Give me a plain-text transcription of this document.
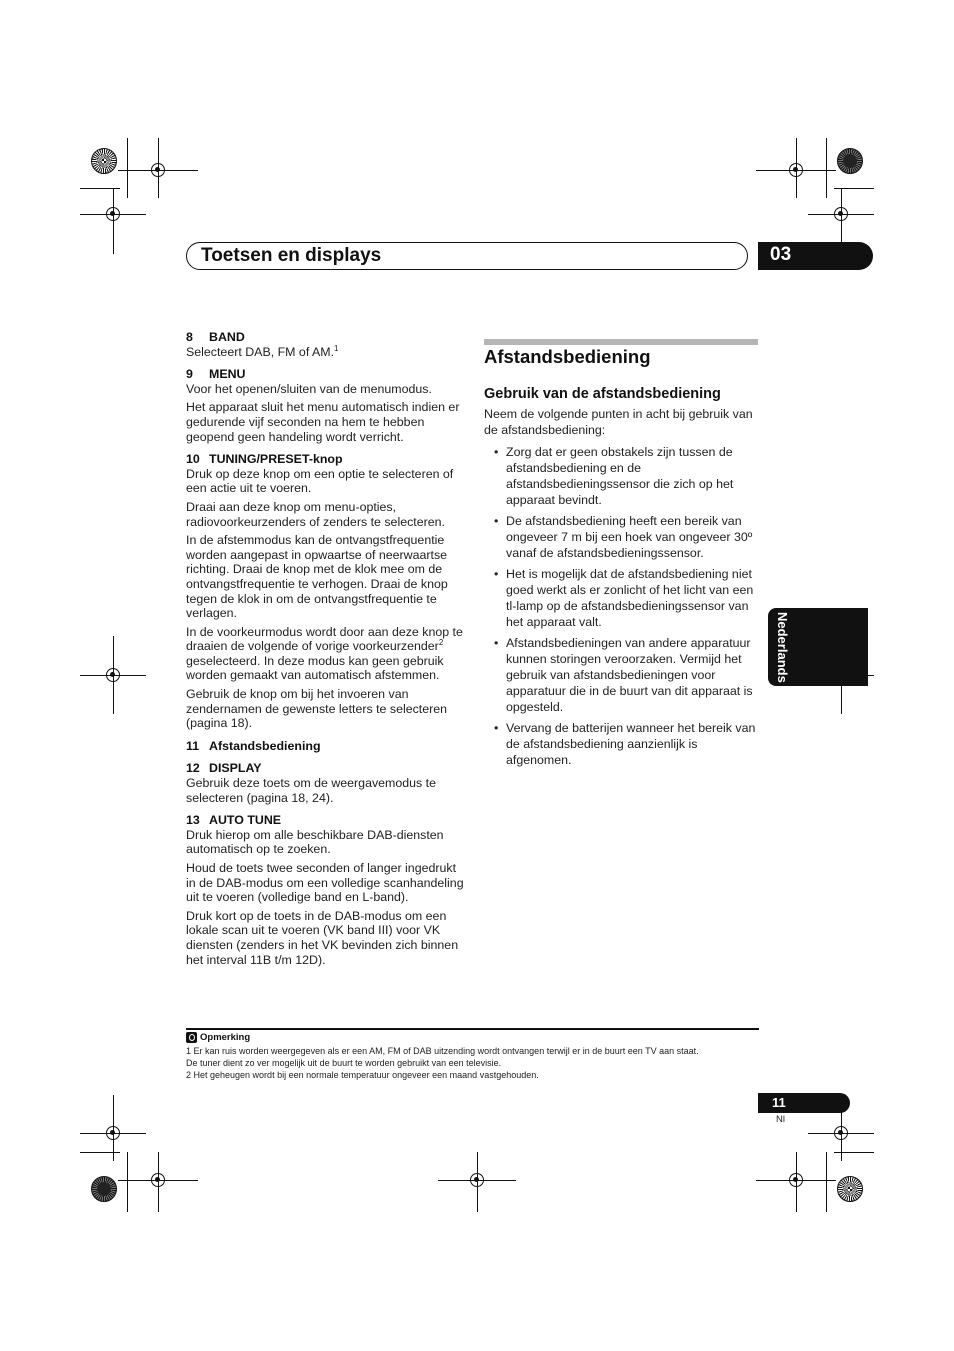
Toetsen en displays	03
8 BAND

Selecteert DAB, FM of AM.$^1$

9 MENU

Voor het openen/sluiten van de menumodus.

Het apparaat sluit het menu automatisch indien er gedurende vijf seconden na hem te hebben geopend geen handeling wordt verricht.

10 TUNING/PRESET-knop

Druk op deze knop om een optie te selecteren of een actie uit te voeren.

Draai aan deze knop om menu-opties, radiovoorkeurzenders of zenders te selecteren.

In de afstemmodus kan de ontvangstfrequentie worden aangepast in opwaartse of neerwaartse richting. Draai de knop met de klok mee om de ontvangstfrequentie te verhogen. Draai de knop tegen de klok in om de ontvangstfrequentie te verlagen.

In de voorkeurmodus wordt door aan deze knop te draaien de volgende of vorige voorkeurzender$^2$ geselecteerd. In deze modus kan geen gebruik worden gemaakt van automatisch afstemmen.

Gebruik de knop om bij het invoeren van zendernamen de gewenste letters te selecteren (pagina 18).

11 Afstandsbediening
12 DISPLAY

Gebruik deze toets om de weergavemodus te selecteren (pagina 18, 24).

13 AUTO TUNE

Druk hierop om alle beschikbare DAB-diensten automatisch op te zoeken.

Houd de toets twee seconden of langer ingedrukt in de DAB-modus om een volledige scanhandeling uit te voeren (volledige band en L-band).

Druk kort op de toets in de DAB-modus om een lokale scan uit te voeren (VK band III) voor VK diensten (zenders in het VK bevinden zich binnen het interval 11B t/m 12D).

Afstandsbediening
Gebruik van de afstandsbediening

Neem de volgende punten in acht bij gebruik van de afstandsbediening:

• Zorg dat er geen obstakels zijn tussen de afstandsbediening en de afstandsbedieningssensor die zich op het apparaat bevindt.
• De afstandsbediening heeft een bereik van ongeveer 7 m bij een hoek van ongeveer 30º vanaf de afstandsbedieningssensor.
• Het is mogelijk dat de afstandsbediening niet goed werkt als er zonlicht of het licht van een tl-lamp op de afstandsbedieningssensor van het apparaat valt.
• Afstandsbedieningen van andere apparatuur kunnen storingen veroorzaken. Vermijd het gebruik van afstandsbedieningen voor apparatuur die in de buurt van dit apparaat is opgesteld.
• Vervang de batterijen wanneer het bereik van de afstandsbediening aanzienlijk is afgenomen.
Nederlands
Opmerking
1 Er kan ruis worden weergegeven als er een AM, FM of DAB uitzending wordt ontvangen terwijl er in de buurt een TV aan staat.
De tuner dient zo ver mogelijk uit de buurt te worden gebruikt van een televisie.
2 Het geheugen wordt bij een normale temperatuur ongeveer een maand vastgehouden.
11
Nl
